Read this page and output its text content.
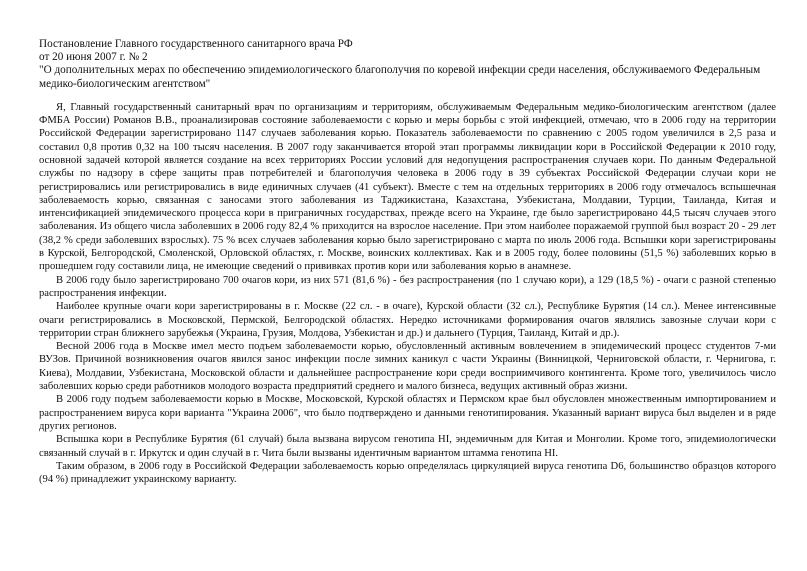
Постановление Главного государственного санитарного врача РФ

от 20 июня 2007 г. № 2

"О дополнительных мерах по обеспечению эпидемиологического благополучия по коревой инфекции среди населения, обслуживаемого Федеральным медико-биологическим агентством"

Я, Главный государственный санитарный врач по организациям и территориям, обслуживаемым Федеральным медико-биологическим агентством (далее ФМБА России) Романов В.В., проанализировав состояние заболеваемости с корью и меры борьбы с этой инфекцией, отмечаю, что в 2006 году на территории Российской Федерации зарегистрировано 1147 случаев заболевания корью. Показатель заболеваемости по сравнению с 2005 годом увеличился в 2,5 раза и составил 0,8 против 0,32 на 100 тысяч населения. В 2007 году заканчивается второй этап программы ликвидации кори в Российской Федерации к 2010 году, основной задачей которой является создание на всех территориях России условий для недопущения распространения случаев кори. По данным Федеральной службы по надзору в сфере защиты прав потребителей и благополучия человека в 2006 году в 39 субъектах Российской Федерации случаи кори не регистрировались или регистрировались в виде единичных случаев (41 субъект). Вместе с тем на отдельных территориях в 2006 году отмечалось вспышечная заболеваемость корью, связанная с заносами этого заболевания из Таджикистана, Казахстана, Узбекистана, Молдавии, Турции, Таиланда, Китая и интенсификацией эпидемического процесса кори в приграничных государствах, прежде всего на Украине, где было зарегистрировано 44,5 тысяч случаев этого заболевания. Из общего числа заболевших в 2006 году 82,4 % приходится на взрослое население. При этом наиболее поражаемой группой был возраст 20 - 29 лет (38,2 % среди заболевших взрослых). 75 % всех случаев заболевания корью было зарегистрировано с марта по июль 2006 года. Вспышки кори зарегистрированы в Курской, Белгородской, Смоленской, Орловской областях, г. Москве, воинских коллективах. Как и в 2005 году, более половины (51,5 %) заболевших корью в прошедшем году составили лица, не имеющие сведений о прививках против кори или заболевания корью в анамнезе.

В 2006 году было зарегистрировано 700 очагов кори, из них 571 (81,6 %) - без распространения (по 1 случаю кори), а 129 (18,5 %) - очаги с разной степенью распространения инфекции.

Наиболее крупные очаги кори зарегистрированы в г. Москве (22 сл. - в очаге), Курской области (32 сл.), Республике Бурятия (14 сл.). Менее интенсивные очаги регистрировались в Московской, Пермской, Белгородской областях. Нередко источниками формирования очагов являлись завозные случаи кори с территории стран ближнего зарубежья (Украина, Грузия, Молдова, Узбекистан и др.) и дальнего (Турция, Таиланд, Китай и др.).

Весной 2006 года в Москве имел место подъем заболеваемости корью, обусловленный активным вовлечением в эпидемический процесс студентов 7-ми ВУЗов. Причиной возникновения очагов явился занос инфекции после зимних каникул с части Украины (Винницкой, Черниговской области, г. Чернигова, г. Киева), Молдавии, Узбекистана, Московской области и дальнейшее распространение кори среди восприимчивого контингента. Кроме того, увеличилось число заболевших корью среди работников молодого возраста предприятий среднего и малого бизнеса, ведущих активный образ жизни.

В 2006 году подъем заболеваемости корью в Москве, Московской, Курской областях и Пермском крае был обусловлен множественным импортированием и распространением вируса кори варианта "Украина 2006", что было подтверждено и данными генотипирования. Указанный вариант вируса был выделен и в ряде других регионов.

Вспышка кори в Республике Бурятия (61 случай) была вызвана вирусом генотипа HI, эндемичным для Китая и Монголии. Кроме того, эпидемиологически связанный случай в г. Иркутск и один случай в г. Чита были вызваны идентичным вариантом штамма генотипа HI.

Таким образом, в 2006 году в Российской Федерации заболеваемость корью определялась циркуляцией вируса генотипа D6, большинство образцов которого (94 %) принадлежит украинскому варианту.
